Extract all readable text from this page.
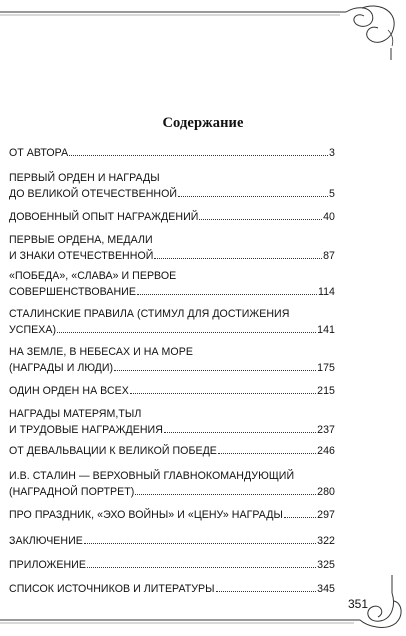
Содержание
ОТ АВТОРА	3
ПЕРВЫЙ ОРДЕН И НАГРАДЫ
ДО ВЕЛИКОЙ ОТЕЧЕСТВЕННОЙ	5
ДОВОЕННЫЙ ОПЫТ НАГРАЖДЕНИЙ	40
ПЕРВЫЕ ОРДЕНА, МЕДАЛИ
И ЗНАКИ ОТЕЧЕСТВЕННОЙ	87
«ПОБЕДА», «СЛАВА» И ПЕРВОЕ
СОВЕРШЕНСТВОВАНИЕ	114
СТАЛИНСКИЕ ПРАВИЛА (СТИМУЛ ДЛЯ ДОСТИЖЕНИЯ
УСПЕХА)	141
НА ЗЕМЛЕ, В НЕБЕСАХ И НА МОРЕ
(НАГРАДЫ И ЛЮДИ)	175
ОДИН ОРДЕН НА ВСЕХ	215
НАГРАДЫ МАТЕРЯМ,ТЫЛ
И ТРУДОВЫЕ НАГРАЖДЕНИЯ	237
ОТ ДЕВАЛЬВАЦИИ К ВЕЛИКОЙ ПОБЕДЕ	246
И.В. СТАЛИН — ВЕРХОВНЫЙ ГЛАВНОКОМАНДУЮЩИЙ
(НАГРАДНОЙ ПОРТРЕТ)	280
ПРО ПРАЗДНИК, «ЭХО ВОЙНЫ» И «ЦЕНУ» НАГРАДЫ	297
ЗАКЛЮЧЕНИЕ	322
ПРИЛОЖЕНИЕ	325
СПИСОК ИСТОЧНИКОВ И ЛИТЕРАТУРЫ	345
351
